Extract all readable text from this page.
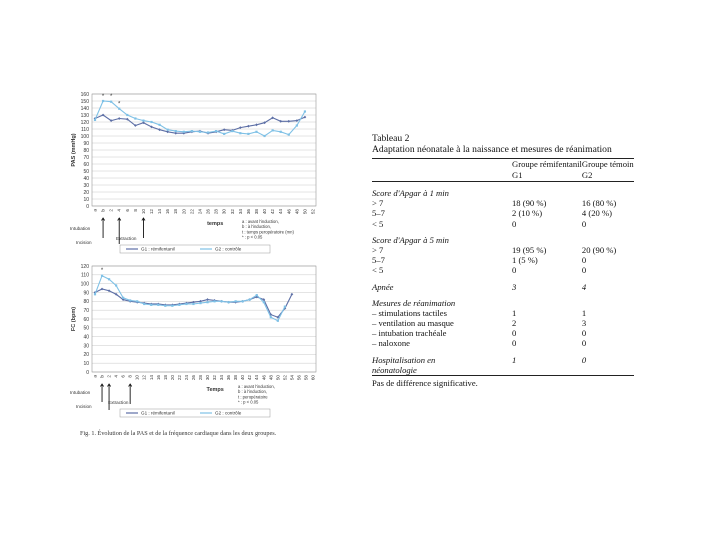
0
10
20
30
40
50
60
70
80
90
100
110
120
130
140
150
160
PAS (mmHg)
a b 2 4 6 8 10 12 14 16 18 20 22 24 26 28 30 32 34 36 38 40 42 44 46 48 50 52
temps
* *
*
Intubation
Incision
Extraction
a : avant l'induction,
b : à l'induction,
t : temps peropératoire (mn)
* : p < 0.05
G1 : rémifentanil	G2 : contrôle
0
10
20
30
40
50
60
70
80
90
100
110
120
FC (bpm)
a b 2 4 6 8 10 12 14 16 18 20 22 24 26 28 30 32 34 36 38 40 42 44 46 48 50 52 54 56 58 60
Temps
*
Intubation
Incision
Extraction
a : avant l'induction,
b : à l'induction,
t : peropératoire
* : p < 0.05
G1 : rémifentanil	G2 : contrôle
Fig. 1. Évolution de la PAS et de la fréquence cardiaque dans les deux groupes.
Tableau 2
Adaptation néonatale à la naissance et mesures de réanimation
	Groupe rémifentanil	Groupe témoin
	G1	G2

Score d'Apgar à 1 min		
> 7	18 (90 %)	16 (80 %)
5–7	2 (10 %)	4 (20 %)
< 5	0	0

Score d'Apgar à 5 min		
> 7	19 (95 %)	20 (90 %)
5–7	1 (5 %)	0
< 5	0	0

Apnée	3	4

Mesures de réanimation		
– stimulations tactiles	1	1
– ventilation au masque	2	3
– intubation trachéale	0	0
– naloxone	0	0

Hospitalisation en	1	0
néonatologie		
Pas de différence significative.
